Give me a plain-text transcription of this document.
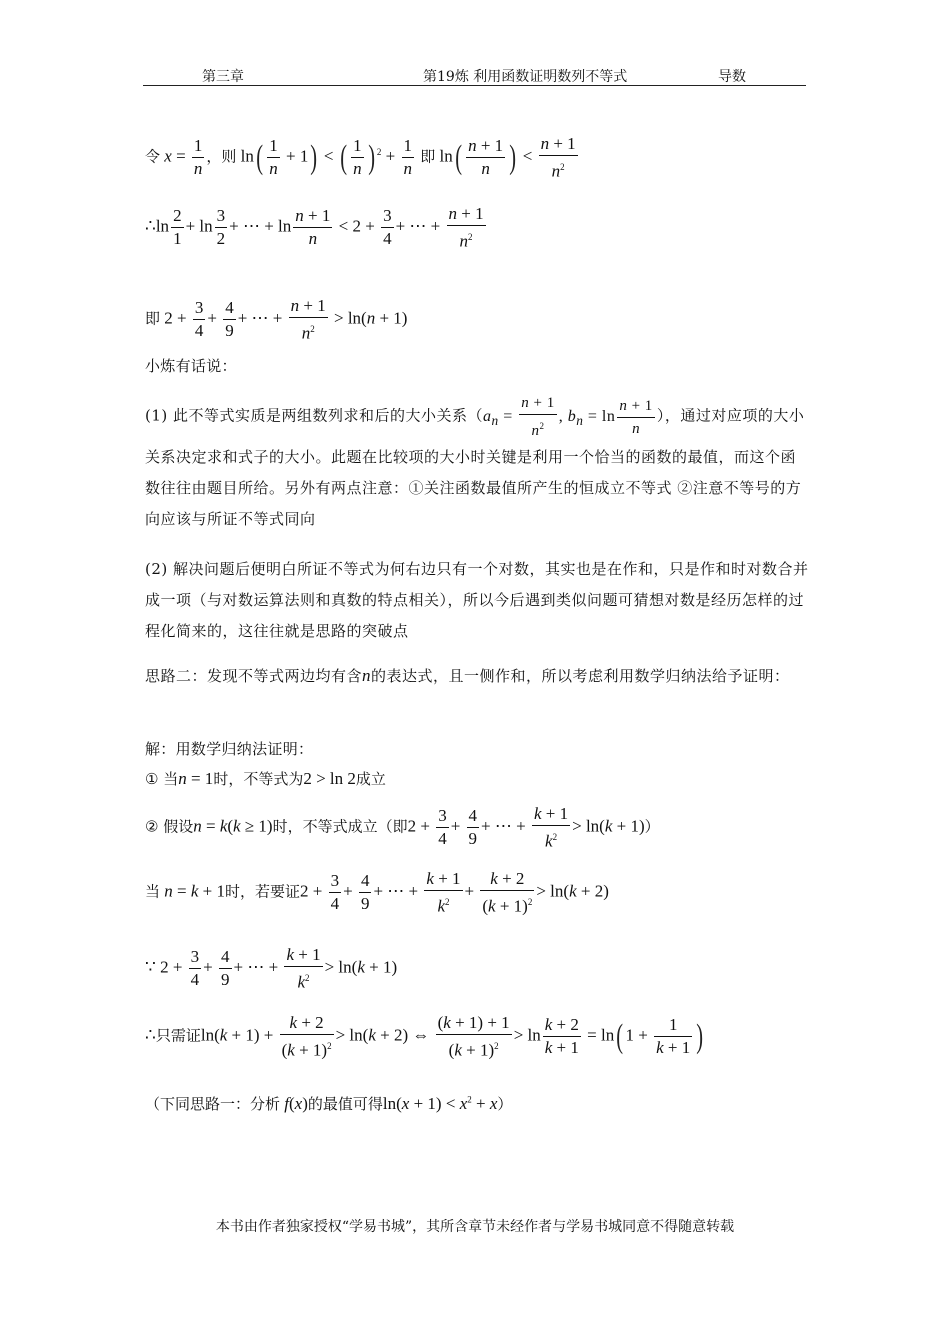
第三章	第19炼 利用函数证明数列不等式	导数
令 $x = \frac{1}{n}$ ，则 $\ln( \frac{1}{n} + 1)$ < ( $\frac{1}{n}$ ) $^2 + \frac{1}{n}$ 即 $\ln( \frac{n + 1}{n}$ ) < $\frac{n + 1}{n^2}$
∴ln $\frac{2}{1} + \ln \frac{3}{2}$ + ⋯ + $\ln \frac{n + 1}{n} < 2 + \frac{3}{4}$ + ⋯ + $\frac{n + 1}{n^2}$
即 $2 + \frac{3}{4} + \frac{4}{9}$ + ⋯ + $\frac{n + 1}{n^2} > \ln(n + 1)$
小炼有话说：
(1) 此不等式实质是两组数列求和后的大小关系（$a_n = \frac{n + 1}{n^2}$ , $b_n = \ln \frac{n + 1}{n}$ ），通过对应项的大小关系决定求和式子的大小。此题在比较项的大小时关键是利用一个恰当的函数的最值，而这个函数往往由题目所给。另外有两点注意：①关注函数最值所产生的恒成立不等式 ②注意不等号的方向应该与所证不等式同向
(2) 解决问题后便明白所证不等式为何右边只有一个对数，其实也是在作和，只是作和时对数合并成一项（与对数运算法则和真数的特点相关），所以今后遇到类似问题可猜想对数是经历怎样的过程化简来的，这往往就是思路的突破点
思路二：发现不等式两边均有含n的表达式，且一侧作和，所以考虑利用数学归纳法给予证明：
解：用数学归纳法证明：
① 当n = 1时，不等式为2 > ln 2成立
② 假设n = k(k ≥ 1)时，不等式成立（即$2 + \frac{3}{4} + \frac{4}{9}$ + ⋯ + $\frac{k + 1}{k^2} > \ln(k + 1)$）
当 n = k + 1时，若要证$2 + \frac{3}{4} + \frac{4}{9}$ + ⋯ + $\frac{k + 1}{k^2} + \frac{k + 2}{(k + 1)^2} > \ln(k + 2)$
∵ $2 + \frac{3}{4} + \frac{4}{9}$ + ⋯ + $\frac{k + 1}{k^2} > \ln(k + 1)$
∴只需证$\ln(k + 1) + \frac{k + 2}{(k + 1)^2} > \ln(k + 2)$ ⇔ $\frac{(k + 1) + 1}{(k + 1)^2} > \ln \frac{k + 2}{k + 1} = \ln$( $1 + \frac{1}{k + 1}$ )
（下同思路一：分析 f(x)的最值可得$\ln(x + 1) < x^2 + x$）
本书由作者独家授权“学易书城”，其所含章节未经作者与学易书城同意不得随意转载
